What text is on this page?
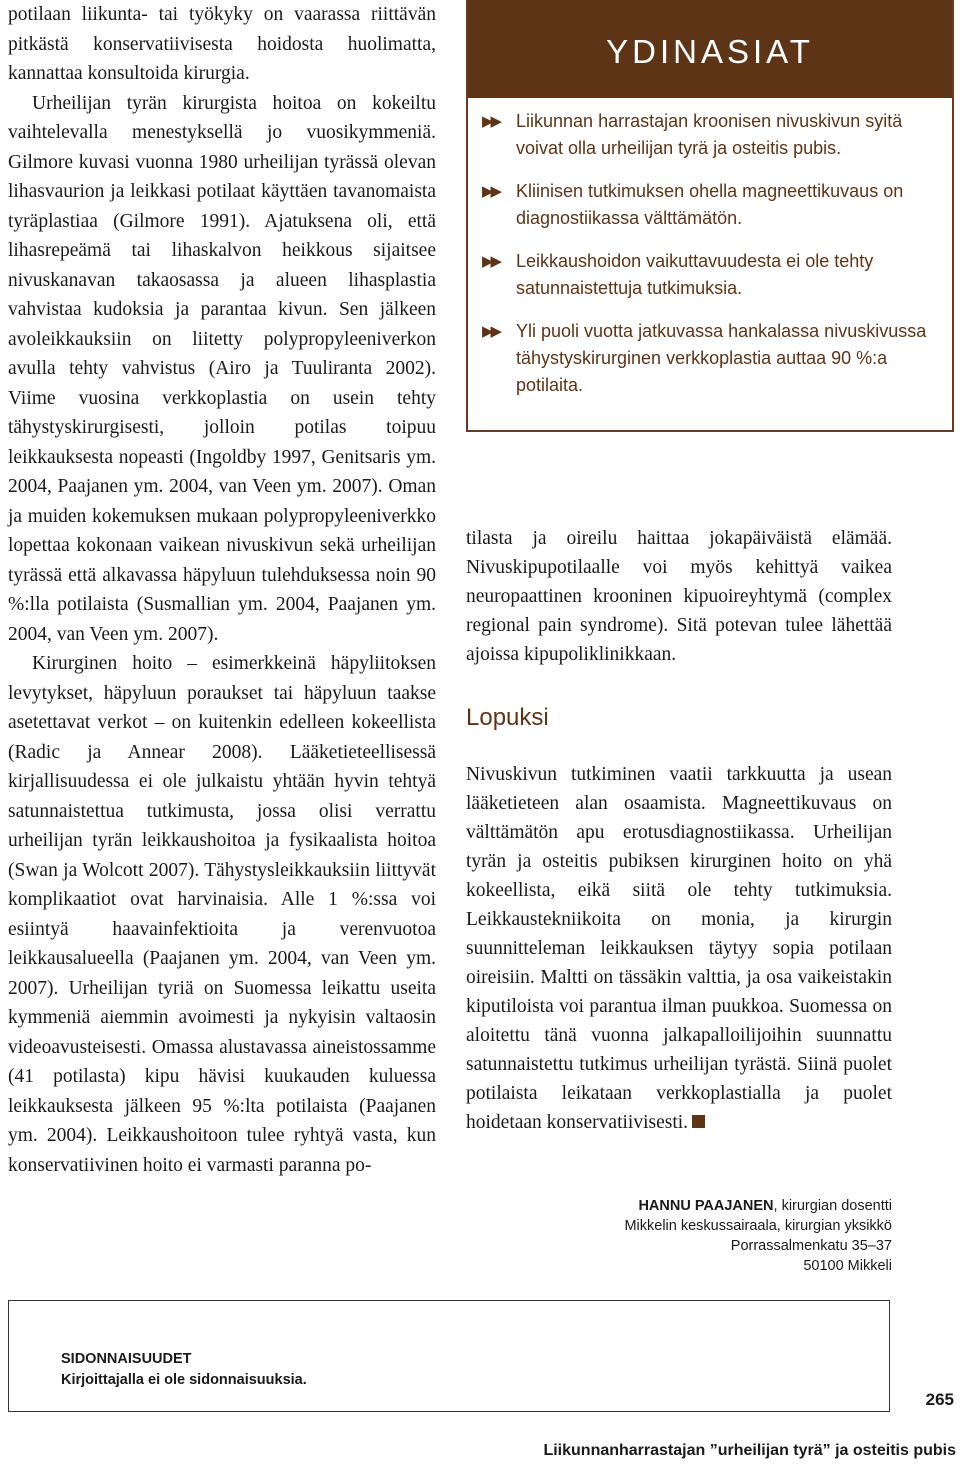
potilaan liikunta- tai työkyky on vaarassa riittävän pitkästä konservatiivisesta hoidosta huolimatta, kannattaa konsultoida kirurgia.

Urheilijan tyrän kirurgista hoitoa on kokeiltu vaihtelevalla menestyksellä jo vuosikymmeniä. Gilmore kuvasi vuonna 1980 urheilijan tyrässä olevan lihasvaurion ja leikkasi potilaat käyttäen tavanomaista tyräplastiaa (Gilmore 1991). Ajatuksena oli, että lihasrepeämä tai lihaskalvon heikkous sijaitsee nivuskanavan takaosassa ja alueen lihasplastia vahvistaa kudoksia ja parantaa kivun. Sen jälkeen avoleikkauksiin on liitetty polypropyleeniverkon avulla tehty vahvistus (Airo ja Tuuliranta 2002). Viime vuosina verkkoplastia on usein tehty tähystyskirurgisesti, jolloin potilas toipuu leikkauksesta nopeasti (Ingoldby 1997, Genitsaris ym. 2004, Paajanen ym. 2004, van Veen ym. 2007). Oman ja muiden kokemuksen mukaan polypropyleeniverkko lopettaa kokonaan vaikean nivuskivun sekä urheilijan tyrässä että alkavassa häpyluun tulehduksessa noin 90 %:lla potilaista (Susmallian ym. 2004, Paajanen ym. 2004, van Veen ym. 2007).

Kirurginen hoito – esimerkkeinä häpyliitoksen levytykset, häpyluun poraukset tai häpyluun taakse asetettavat verkot – on kuitenkin edelleen kokeellista (Radic ja Annear 2008). Lääketieteellisessä kirjallisuudessa ei ole julkaistu yhtään hyvin tehtyä satunnaistettua tutkimusta, jossa olisi verrattu urheilijan tyrän leikkaushoitoa ja fysikaalista hoitoa (Swan ja Wolcott 2007). Tähystysleikkauksiin liittyvät komplikaatiot ovat harvinaisia. Alle 1 %:ssa voi esiintyä haavainfektioita ja verenvuotoa leikkausalueella (Paajanen ym. 2004, van Veen ym. 2007). Urheilijan tyriä on Suomessa leikattu useita kymmeniä aiemmin avoimesti ja nykyisin valtaosin videoavusteisesti. Omassa alustavassa aineistossamme (41 potilasta) kipu hävisi kuukauden kuluessa leikkauksesta jälkeen 95 %:lta potilaista (Paajanen ym. 2004). Leikkaushoitoon tulee ryhtyä vasta, kun konservatiivinen hoito ei varmasti paranna po-

YDINASIAT
▶▶ Liikunnan harrastajan kroonisen nivuskivun syitä voivat olla urheilijan tyrä ja osteitis pubis.
▶▶ Kliinisen tutkimuksen ohella magneettikuvaus on diagnostiikassa välttämätön.
▶▶ Leikkaushoidon vaikuttavuudesta ei ole tehty satunnaistettuja tutkimuksia.
▶▶ Yli puoli vuotta jatkuvassa hankalassa nivuskivussa tähystyskirurginen verkkoplastia auttaa 90 %:a potilaita.

tilasta ja oireilu haittaa jokapäiväistä elämää. Nivuskipupotilaalle voi myös kehittyä vaikea neuropaattinen krooninen kipuoireyhtymä (complex regional pain syndrome). Sitä potevan tulee lähettää ajoissa kipupoliklinikkaan.

Lopuksi

Nivuskivun tutkiminen vaatii tarkkuutta ja usean lääketieteen alan osaamista. Magneettikuvaus on välttämätön apu erotusdiagnostiikassa. Urheilijan tyrän ja osteitis pubiksen kirurginen hoito on yhä kokeellista, eikä siitä ole tehty tutkimuksia. Leikkaustekniikoita on monia, ja kirurgin suunnitteleman leikkauksen täytyy sopia potilaan oireisiin. Maltti on tässäkin valttia, ja osa vaikeistakin kiputiloista voi parantua ilman puukkoa. Suomessa on aloitettu tänä vuonna jalkapalloilijoihin suunnattu satunnaistettu tutkimus urheilijan tyrästä. Siinä puolet potilaista leikataan verkkoplastialla ja puolet hoidetaan konservatiivisesti.

HANNU PAAJANEN, kirurgian dosentti
Mikkelin keskussairaala, kirurgian yksikkö
Porrassalmenkatu 35–37
50100 Mikkeli
SIDONNAISUUDET
Kirjoittajalla ei ole sidonnaisuuksia.
265
Liikunnanharrastajan ”urheilijan tyrä” ja osteitis pubis
